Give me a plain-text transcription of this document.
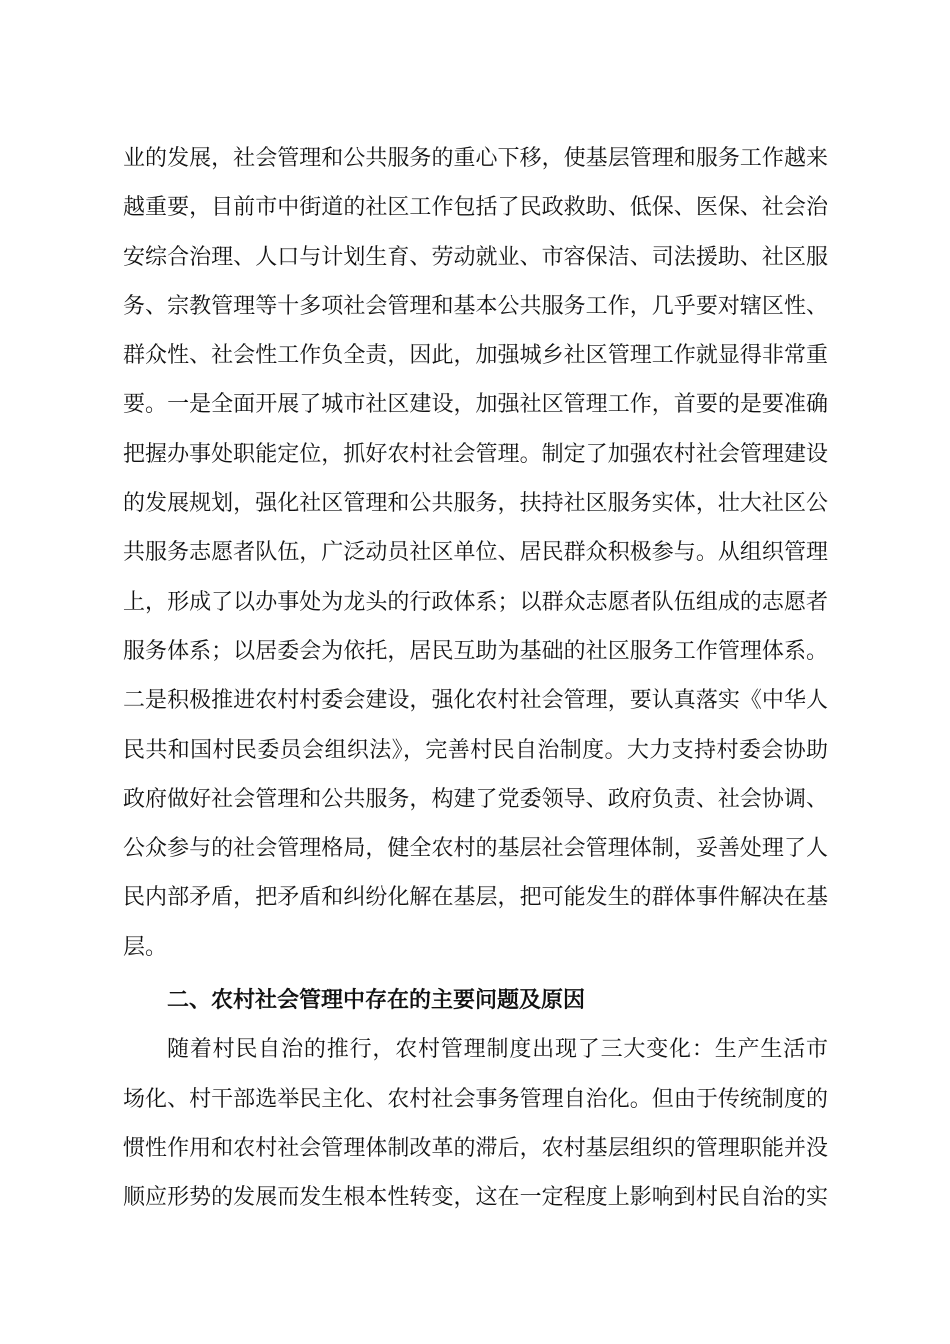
业的发展，社会管理和公共服务的重心下移，使基层管理和服务工作越来
越重要，目前市中街道的社区工作包括了民政救助、低保、医保、社会治
安综合治理、人口与计划生育、劳动就业、市容保洁、司法援助、社区服
务、宗教管理等十多项社会管理和基本公共服务工作，几乎要对辖区性、
群众性、社会性工作负全责，因此，加强城乡社区管理工作就显得非常重
要。一是全面开展了城市社区建设，加强社区管理工作，首要的是要准确
把握办事处职能定位，抓好农村社会管理。制定了加强农村社会管理建设
的发展规划，强化社区管理和公共服务，扶持社区服务实体，壮大社区公
共服务志愿者队伍，广泛动员社区单位、居民群众积极参与。从组织管理
上，形成了以办事处为龙头的行政体系；以群众志愿者队伍组成的志愿者
服务体系；以居委会为依托，居民互助为基础的社区服务工作管理体系。
二是积极推进农村村委会建设，强化农村社会管理，要认真落实《中华人
民共和国村民委员会组织法》，完善村民自治制度。大力支持村委会协助
政府做好社会管理和公共服务，构建了党委领导、政府负责、社会协调、
公众参与的社会管理格局，健全农村的基层社会管理体制，妥善处理了人
民内部矛盾，把矛盾和纠纷化解在基层，把可能发生的群体事件解决在基
层。
二、农村社会管理中存在的主要问题及原因
随着村民自治的推行，农村管理制度出现了三大变化：生产生活市
场化、村干部选举民主化、农村社会事务管理自治化。但由于传统制度的
惯性作用和农村社会管理体制改革的滞后，农村基层组织的管理职能并没
顺应形势的发展而发生根本性转变，这在一定程度上影响到村民自治的实
